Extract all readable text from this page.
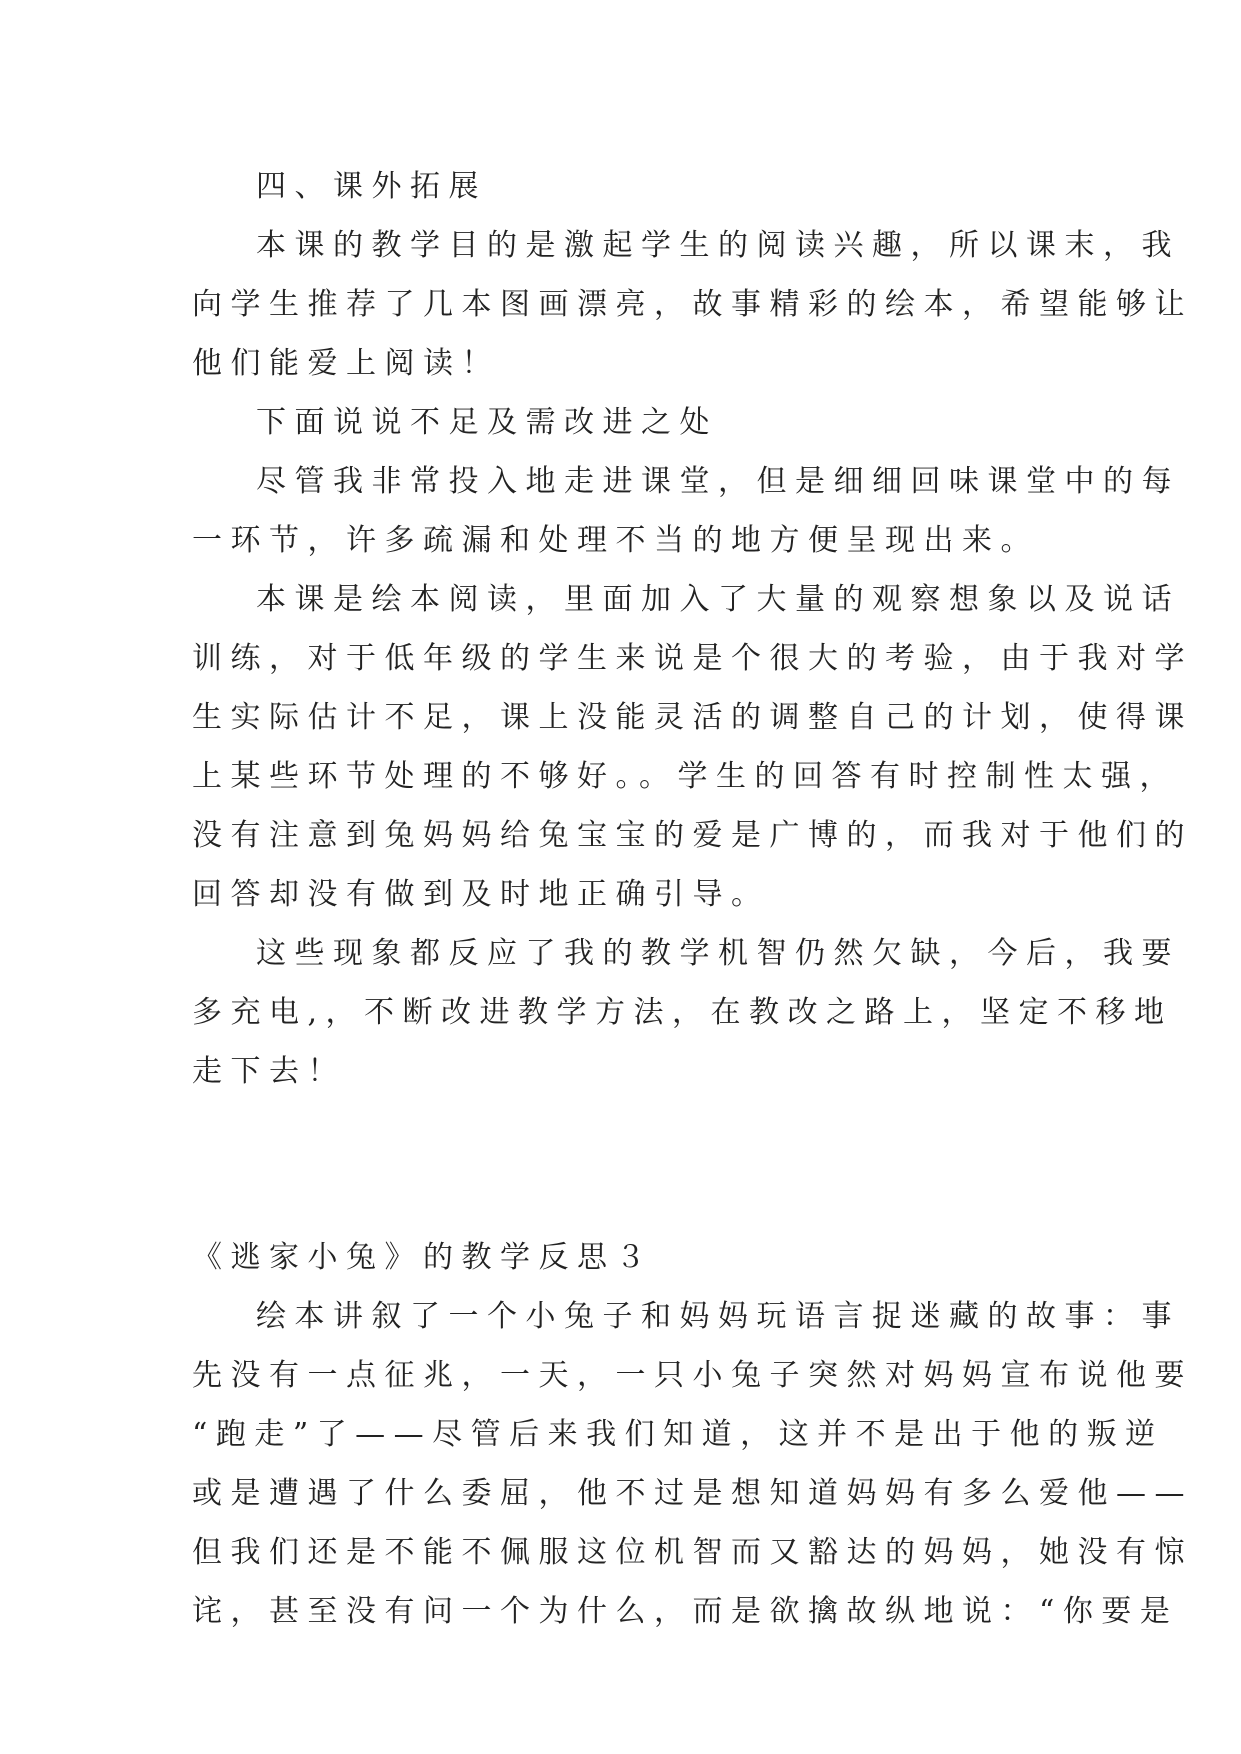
四、课外拓展
本课的教学目的是激起学生的阅读兴趣，所以课末，我
向学生推荐了几本图画漂亮，故事精彩的绘本，希望能够让
他们能爱上阅读！
下面说说不足及需改进之处
尽管我非常投入地走进课堂，但是细细回味课堂中的每
一环节，许多疏漏和处理不当的地方便呈现出来。
本课是绘本阅读，里面加入了大量的观察想象以及说话
训练，对于低年级的学生来说是个很大的考验，由于我对学
生实际估计不足，课上没能灵活的调整自己的计划，使得课
上某些环节处理的不够好。。学生的回答有时控制性太强，
没有注意到兔妈妈给兔宝宝的爱是广博的，而我对于他们的
回答却没有做到及时地正确引导。
这些现象都反应了我的教学机智仍然欠缺，今后，我要
多充电,，不断改进教学方法，在教改之路上，坚定不移地
走下去！
《逃家小兔》的教学反思３
绘本讲叙了一个小兔子和妈妈玩语言捉迷藏的故事：事
先没有一点征兆，一天，一只小兔子突然对妈妈宣布说他要
“跑走”了——尽管后来我们知道，这并不是出于他的叛逆
或是遭遇了什么委屈，他不过是想知道妈妈有多么爱他——
但我们还是不能不佩服这位机智而又豁达的妈妈，她没有惊
诧，甚至没有问一个为什么，而是欲擒故纵地说：“你要是
